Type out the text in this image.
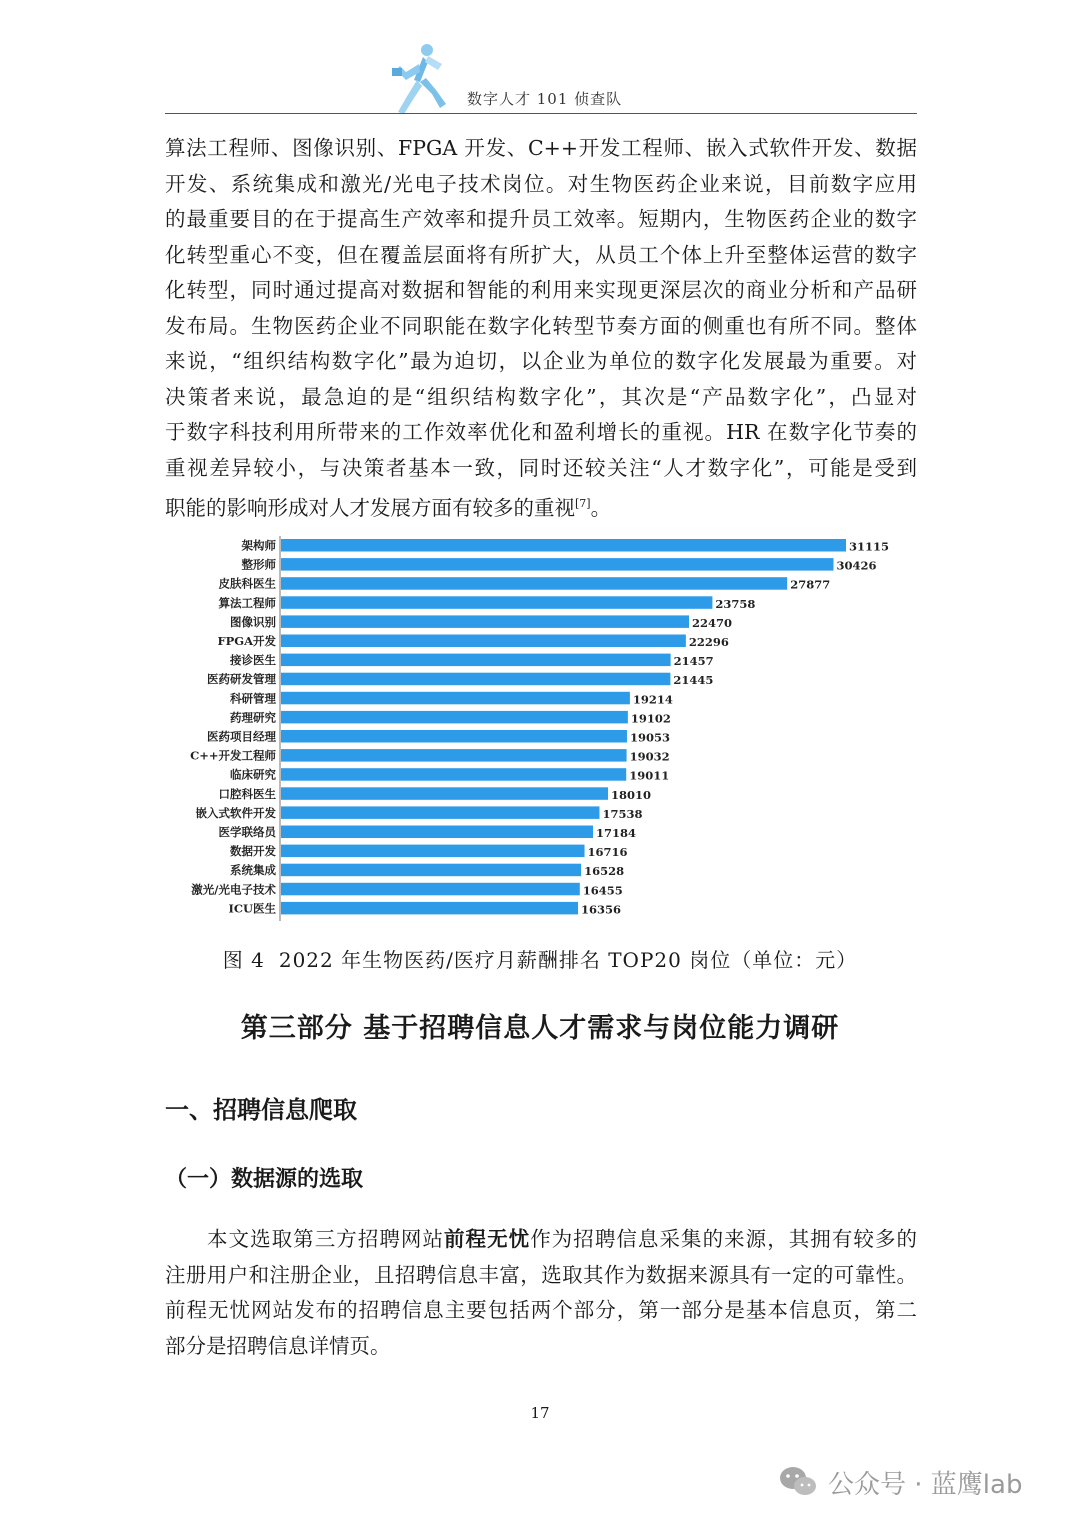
数字人才 101 侦查队
算法工程师、图像识别、FPGA 开发、C++开发工程师、嵌入式软件开发、数据
开发、系统集成和激光/光电子技术岗位。对生物医药企业来说，目前数字应用
的最重要目的在于提高生产效率和提升员工效率。短期内，生物医药企业的数字
化转型重心不变，但在覆盖层面将有所扩大，从员工个体上升至整体运营的数字
化转型，同时通过提高对数据和智能的利用来实现更深层次的商业分析和产品研
发布局。生物医药企业不同职能在数字化转型节奏方面的侧重也有所不同。整体
来说，“组织结构数字化”最为迫切，以企业为单位的数字化发展最为重要。对
决策者来说，最急迫的是“组织结构数字化”，其次是“产品数字化”，凸显对
于数字科技利用所带来的工作效率优化和盈利增长的重视。HR 在数字化节奏的
重视差异较小，与决策者基本一致，同时还较关注“人才数字化”，可能是受到
职能的影响形成对人才发展方面有较多的重视[7]。
架构师	31115
整形师	30426
皮肤科医生	27877
算法工程师	23758
图像识别	22470
FPGA开发	22296
接诊医生	21457
医药研发管理	21445
科研管理	19214
药理研究	19102
医药项目经理	19053
C++开发工程师	19032
临床研究	19011
口腔科医生	18010
嵌入式软件开发	17538
医学联络员	17184
数据开发	16716
系统集成	16528
激光/光电子技术	16455
ICU医生	16356
图 4 2022 年生物医药/医疗月薪酬排名 TOP20 岗位（单位：元）
第三部分 基于招聘信息人才需求与岗位能力调研
一、招聘信息爬取
（一）数据源的选取
本文选取第三方招聘网站前程无忧作为招聘信息采集的来源，其拥有较多的
注册用户和注册企业，且招聘信息丰富，选取其作为数据来源具有一定的可靠性。
前程无忧网站发布的招聘信息主要包括两个部分，第一部分是基本信息页，第二
部分是招聘信息详情页。
17
公众号 · 蓝鹰lab
